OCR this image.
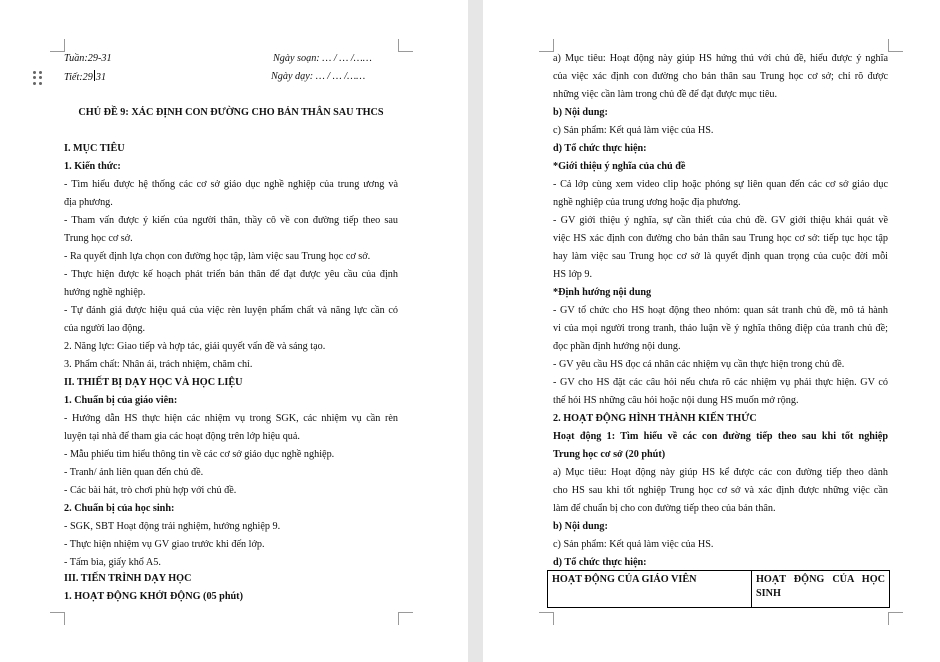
Tuần:29-31	Ngày soạn: … / … /……
Tiết:29 31	Ngày dạy: … / … /……
CHỦ ĐỀ 9: XÁC ĐỊNH CON ĐƯỜNG CHO BẢN THÂN SAU THCS
I. MỤC TIÊU
1. Kiến thức:
- Tìm hiểu được hệ thống các cơ sở giáo dục nghề nghiệp của trung ương và
địa phương.
- Tham vấn được ý kiến của người thân, thầy cô về con đường tiếp theo sau
Trung học cơ sở.
- Ra quyết định lựa chọn con đường học tập, làm việc sau Trung học cơ sở.
- Thực hiện được kế hoạch phát triển bản thân để đạt được yêu cầu của định
hướng nghề nghiệp.
- Tự đánh giá được hiệu quả của việc rèn luyện phẩm chất và năng lực cần có
của người lao động.
2. Năng lực: Giao tiếp và hợp tác, giải quyết vấn đề và sáng tạo.
3. Phẩm chất: Nhân ái, trách nhiệm, chăm chỉ.
II. THIẾT BỊ DẠY HỌC VÀ HỌC LIỆU
1. Chuẩn bị của giáo viên:
- Hướng dẫn HS thực hiện các nhiệm vụ trong SGK, các nhiệm vụ cần rèn
luyện tại nhà để tham gia các hoạt động trên lớp hiệu quả.
- Mẫu phiếu tìm hiểu thông tin về các cơ sở giáo dục nghề nghiệp.
- Tranh/ ảnh liên quan đến chủ đề.
- Các bài hát, trò chơi phù hợp với chủ đề.
2. Chuẩn bị của học sinh:
- SGK, SBT Hoạt động trải nghiệm, hướng nghiệp 9.
- Thực hiện nhiệm vụ GV giao trước khi đến lớp.
- Tấm bìa, giấy khổ A5.
III. TIẾN TRÌNH DẠY HỌC
1. HOẠT ĐỘNG KHỞI ĐỘNG (05 phút)
a) Mục tiêu: Hoạt động này giúp HS hứng thú với chủ đề, hiểu được ý nghĩa
của việc xác định con đường cho bản thân sau Trung học cơ sở; chỉ rõ được
những việc cần làm trong chủ đề để đạt được mục tiêu.
b) Nội dung:
c) Sản phẩm: Kết quả làm việc của HS.
d) Tổ chức thực hiện:
*Giới thiệu ý nghĩa của chủ đề
- Cả lớp cùng xem video clip hoặc phóng sự liên quan đến các cơ sở giáo dục
nghề nghiệp của trung ương hoặc địa phương.
- GV giới thiệu ý nghĩa, sự cần thiết của chủ đề. GV giới thiệu khái quát về
việc HS xác định con đường cho bản thân sau Trung học cơ sở: tiếp tục học tập
hay làm việc sau Trung học cơ sở là quyết định quan trọng của cuộc đời mỗi
HS lớp 9.
*Định hướng nội dung
- GV tổ chức cho HS hoạt động theo nhóm: quan sát tranh chủ đề, mô tả hành
vi của mọi người trong tranh, thảo luận về ý nghĩa thông điệp của tranh chủ đề;
đọc phần định hướng nội dung.
- GV yêu cầu HS đọc cá nhân các nhiệm vụ cần thực hiện trong chủ đề.
- GV cho HS đặt các câu hỏi nếu chưa rõ các nhiệm vụ phải thực hiện. GV có
thể hỏi HS những câu hỏi hoặc nội dung HS muốn mở rộng.
2. HOẠT ĐỘNG HÌNH THÀNH KIẾN THỨC
Hoạt động 1: Tìm hiểu về các con đường tiếp theo sau khi tốt nghiệp
Trung học cơ sở (20 phút)
a) Mục tiêu: Hoạt động này giúp HS kể được các con đường tiếp theo dành
cho HS sau khi tốt nghiệp Trung học cơ sở và xác định được những việc cần
làm để chuẩn bị cho con đường tiếp theo của bản thân.
b) Nội dung:
c) Sản phẩm: Kết quả làm việc của HS.
d) Tổ chức thực hiện:
HOẠT ĐỘNG CỦA GIÁO VIÊN	HOẠT ĐỘNG CỦA HỌC
SINH
